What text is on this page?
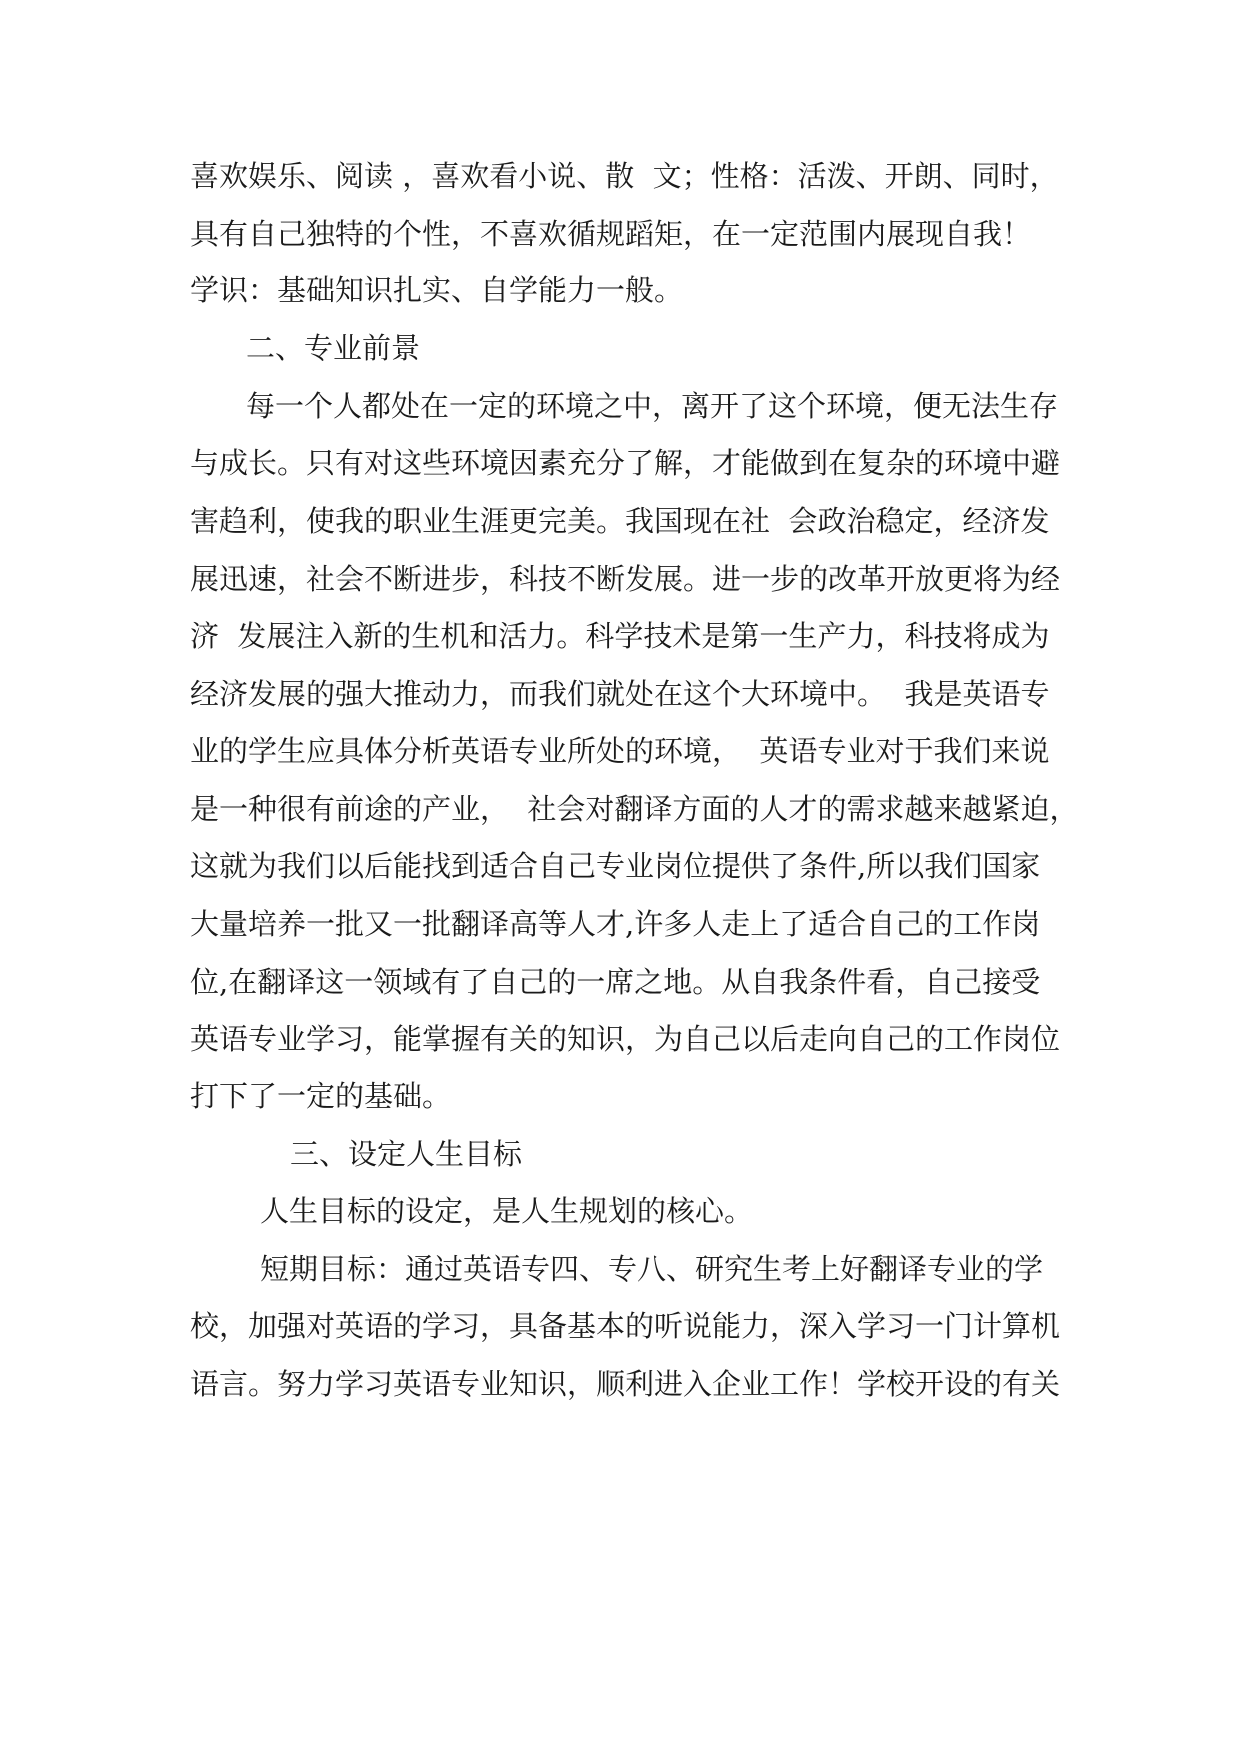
喜欢娱乐、阅读 ，喜欢看小说、散  文；性格：活泼、开朗、同时，
具有自己独特的个性，不喜欢循规蹈矩，在一定范围内展现自我！
学识：基础知识扎实、自学能力一般。
二、专业前景
每一个人都处在一定的环境之中，离开了这个环境，便无法生存
与成长。只有对这些环境因素充分了解，才能做到在复杂的环境中避
害趋利，使我的职业生涯更完美。我国现在社  会政治稳定，经济发
展迅速，社会不断进步，科技不断发展。进一步的改革开放更将为经
济  发展注入新的生机和活力。科学技术是第一生产力，科技将成为
经济发展的强大推动力，而我们就处在这个大环境中。  我是英语专
业的学生应具体分析英语专业所处的环境，  英语专业对于我们来说
是一种很有前途的产业，  社会对翻译方面的人才的需求越来越紧迫，
这就为我们以后能找到适合自己专业岗位提供了条件,所以我们国家
大量培养一批又一批翻译高等人才,许多人走上了适合自己的工作岗
位,在翻译这一领域有了自己的一席之地。从自我条件看，自己接受
英语专业学习，能掌握有关的知识，为自己以后走向自己的工作岗位
打下了一定的基础。
三、设定人生目标
人生目标的设定，是人生规划的核心。
短期目标：通过英语专四、专八、研究生考上好翻译专业的学
校，加强对英语的学习，具备基本的听说能力，深入学习一门计算机
语言。努力学习英语专业知识，顺利进入企业工作！学校开设的有关
